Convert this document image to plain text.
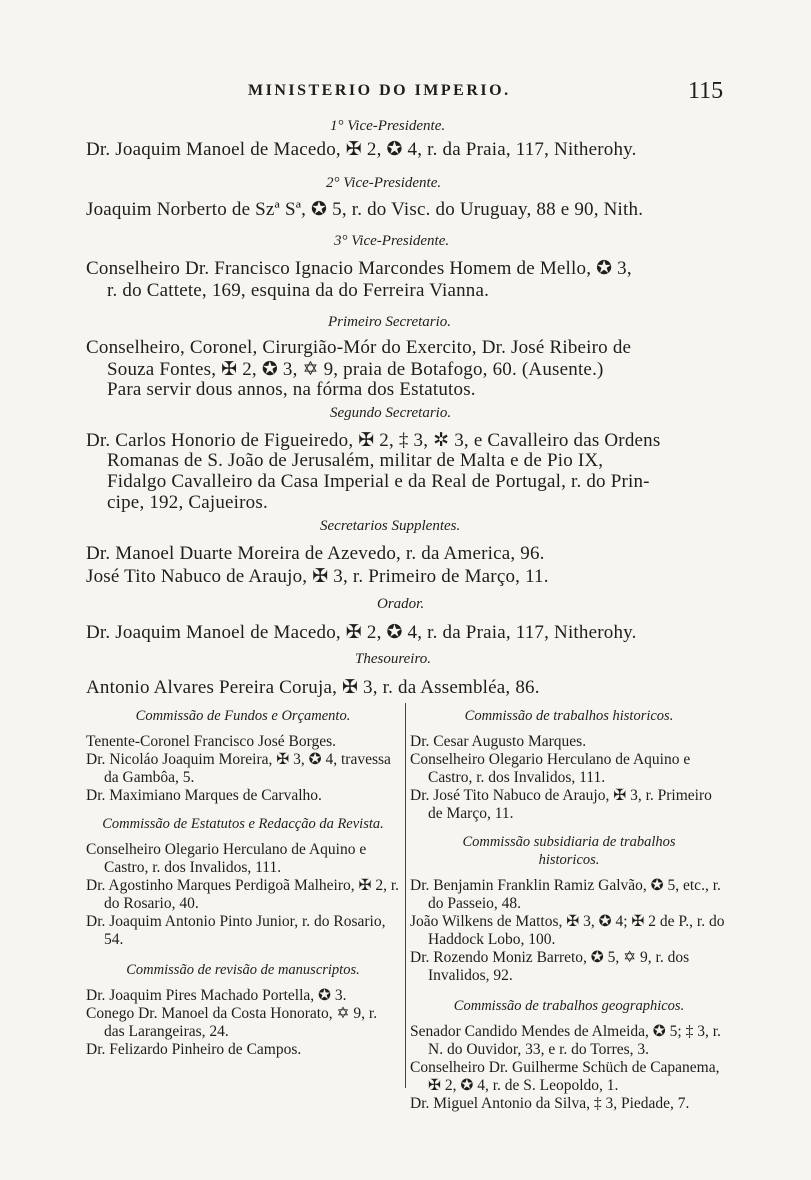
MINISTERIO DO IMPERIO.	115
1° Vice-Presidente.
Dr. Joaquim Manoel de Macedo, ✠ 2, ✪ 4, r. da Praia, 117, Nitherohy.
2° Vice-Presidente.
Joaquim Norberto de Szª Sª, ✪ 5, r. do Visc. do Uruguay, 88 e 90, Nith.
3° Vice-Presidente.
Conselheiro Dr. Francisco Ignacio Marcondes Homem de Mello, ✪ 3,
r. do Cattete, 169, esquina da do Ferreira Vianna.
Primeiro Secretario.
Conselheiro, Coronel, Cirurgião-Mór do Exercito, Dr. José Ribeiro de
Souza Fontes, ✠ 2, ✪ 3, ✡ 9, praia de Botafogo, 60. (Ausente.)
Para servir dous annos, na fórma dos Estatutos.
Segundo Secretario.
Dr. Carlos Honorio de Figueiredo, ✠ 2, ‡ 3, ✲ 3, e Cavalleiro das Ordens
Romanas de S. João de Jerusalém, militar de Malta e de Pio IX,
Fidalgo Cavalleiro da Casa Imperial e da Real de Portugal, r. do Prin-
cipe, 192, Cajueiros.
Secretarios Supplentes.
Dr. Manoel Duarte Moreira de Azevedo, r. da America, 96.
José Tito Nabuco de Araujo, ✠ 3, r. Primeiro de Março, 11.
Orador.
Dr. Joaquim Manoel de Macedo, ✠ 2, ✪ 4, r. da Praia, 117, Nitherohy.
Thesoureiro.
Antonio Alvares Pereira Coruja, ✠ 3, r. da Assembléa, 86.
Commissão de Fundos e Orçamento.
Tenente-Coronel Francisco José Borges.
Dr. Nicoláo Joaquim Moreira, ✠ 3, ✪ 4, travessa da Gambôa, 5.
Dr. Maximiano Marques de Carvalho.
Commissão de Estatutos e Redacção da Revista.
Conselheiro Olegario Herculano de Aquino e Castro, r. dos Invalidos, 111.
Dr. Agostinho Marques Perdigoã Malheiro, ✠ 2, r. do Rosario, 40.
Dr. Joaquim Antonio Pinto Junior, r. do Rosario, 54.
Commissão de revisão de manuscriptos.
Dr. Joaquim Pires Machado Portella, ✪ 3.
Conego Dr. Manoel da Costa Honorato, ✡ 9, r. das Larangeiras, 24.
Dr. Felizardo Pinheiro de Campos.
Commissão de trabalhos historicos.
Dr. Cesar Augusto Marques.
Conselheiro Olegario Herculano de Aquino e Castro, r. dos Invalidos, 111.
Dr. José Tito Nabuco de Araujo, ✠ 3, r. Primeiro de Março, 11.
Commissão subsidiaria de trabalhos historicos.
Dr. Benjamin Franklin Ramiz Galvão, ✪ 5, etc., r. do Passeio, 48.
João Wilkens de Mattos, ✠ 3, ✪ 4; ✠ 2 de P., r. do Haddock Lobo, 100.
Dr. Rozendo Moniz Barreto, ✪ 5, ✡ 9, r. dos Invalidos, 92.
Commissão de trabalhos geographicos.
Senador Candido Mendes de Almeida, ✪ 5; ‡ 3, r. N. do Ouvidor, 33, e r. do Torres, 3.
Conselheiro Dr. Guilherme Schüch de Capanema, ✠ 2, ✪ 4, r. de S. Leopoldo, 1.
Dr. Miguel Antonio da Silva, ‡ 3, Piedade, 7.
